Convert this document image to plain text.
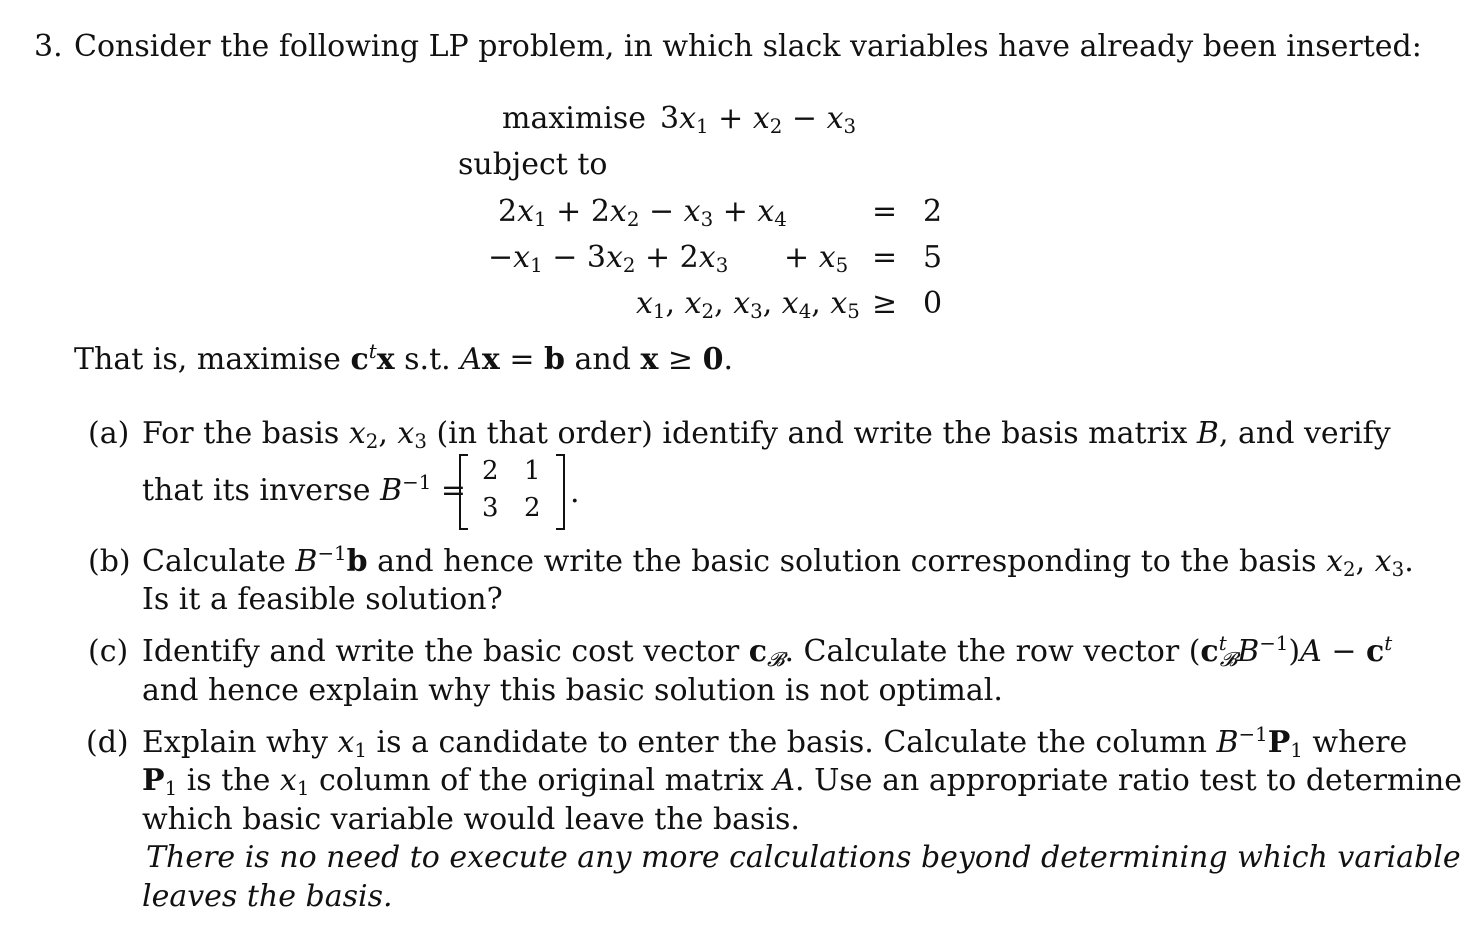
3. Consider the following LP problem, in which slack variables have already been inserted:
maximise $3x_1 + x_2 - x_3$
subject to
$2x_1 + 2x_2 - x_3 + x_4$	= 2
$-x_1 - 3x_2 + 2x_3 + x_5 = 5$
$x_1$, $x_2$, $x_3$, $x_4$, $x_5 \ge 0$
That is, maximise $c^tx$ s.t. Ax = b and x ≥ 0.
(a) For the basis $x_2$, $x_3$ (in that order) identify and write the basis matrix B, and verify
that its inverse $B^{-1}$ =
2 1
3 2 .
(b) Calculate $B^{-1}b$ and hence write the basic solution corresponding to the basis $x_2$, $x_3$.
Is it a feasible solution?
(c) Identify and write the basic cost vector $c_𝓑$. Calculate the row vector $(c^t_𝓑B^{-1})A - c^t$
and hence explain why this basic solution is not optimal.
(d) Explain why $x_1$ is a candidate to enter the basis. Calculate the column $B^{-1}P_1$ where
$P_1$ is the $x_1$ column of the original matrix A. Use an appropriate ratio test to determine
which basic variable would leave the basis.
There is no need to execute any more calculations beyond determining which variable
leaves the basis.
